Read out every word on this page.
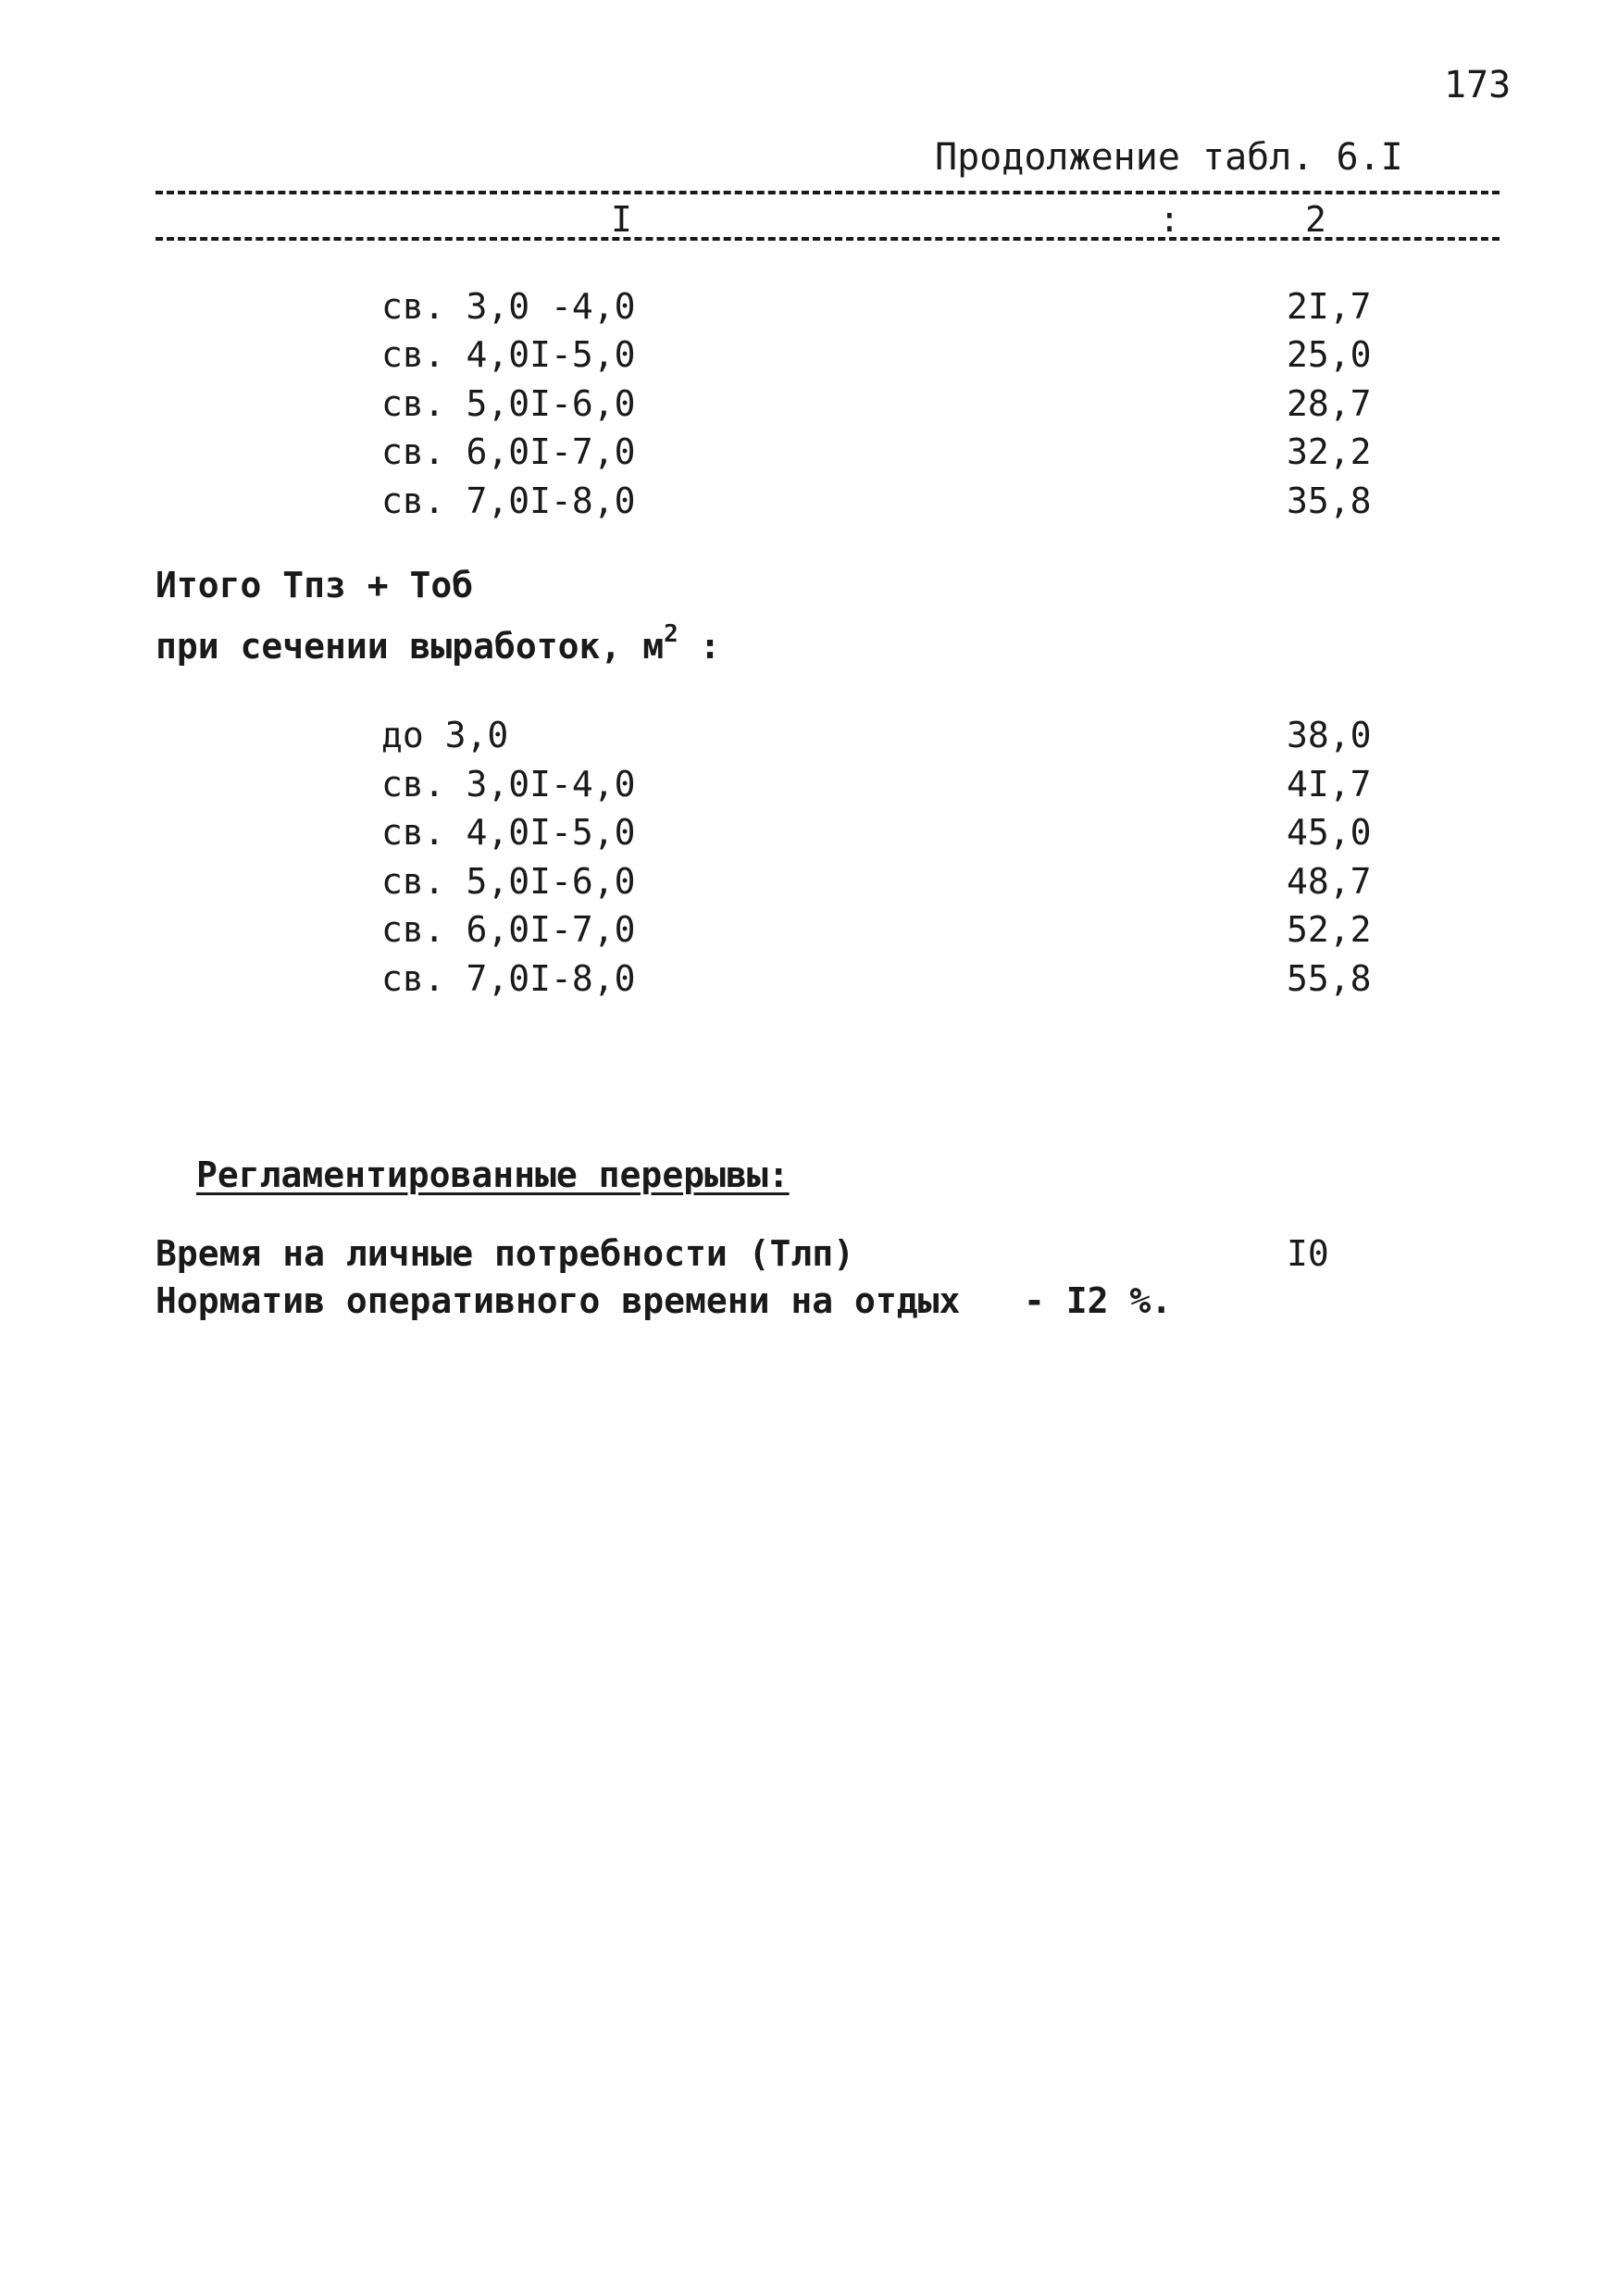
173
Продолжение табл. 6.I
I	:	2
св. 3,0 -4,0	2I,7
св. 4,0I-5,0	25,0
св. 5,0I-6,0	28,7
св. 6,0I-7,0	32,2
св. 7,0I-8,0	35,8
Итого Тпз + Тоб
при сечении выработок, $м^2$ :
до 3,0	38,0
св. 3,0I-4,0	4I,7
св. 4,0I-5,0	45,0
св. 5,0I-6,0	48,7
св. 6,0I-7,0	52,2
св. 7,0I-8,0	55,8
Регламентированные перерывы:
Время на личные потребности (Тлп)	I0
Норматив оперативного времени на отдых   - I2 %.
